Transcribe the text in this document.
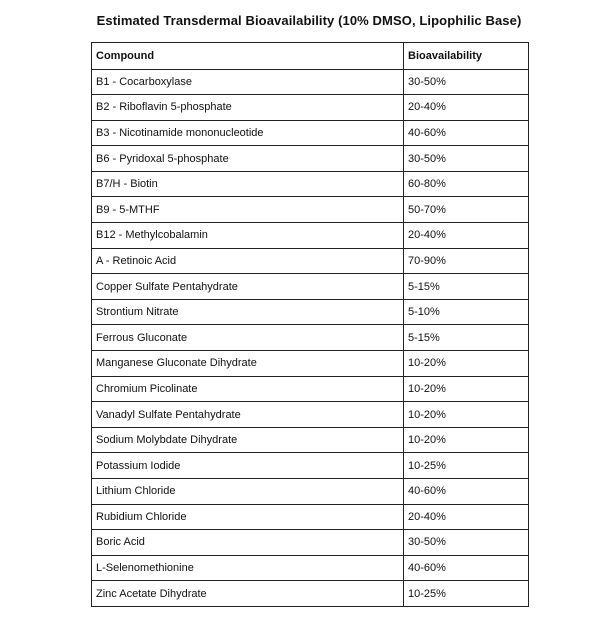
Estimated Transdermal Bioavailability (10% DMSO, Lipophilic Base)
Compound	Bioavailability
B1 - Cocarboxylase	30-50%
B2 - Riboflavin 5-phosphate	20-40%
B3 - Nicotinamide mononucleotide	40-60%
B6 - Pyridoxal 5-phosphate	30-50%
B7/H - Biotin	60-80%
B9 - 5-MTHF	50-70%
B12 - Methylcobalamin	20-40%
A - Retinoic Acid	70-90%
Copper Sulfate Pentahydrate	5-15%
Strontium Nitrate	5-10%
Ferrous Gluconate	5-15%
Manganese Gluconate Dihydrate	10-20%
Chromium Picolinate	10-20%
Vanadyl Sulfate Pentahydrate	10-20%
Sodium Molybdate Dihydrate	10-20%
Potassium Iodide	10-25%
Lithium Chloride	40-60%
Rubidium Chloride	20-40%
Boric Acid	30-50%
L-Selenomethionine	40-60%
Zinc Acetate Dihydrate	10-25%
